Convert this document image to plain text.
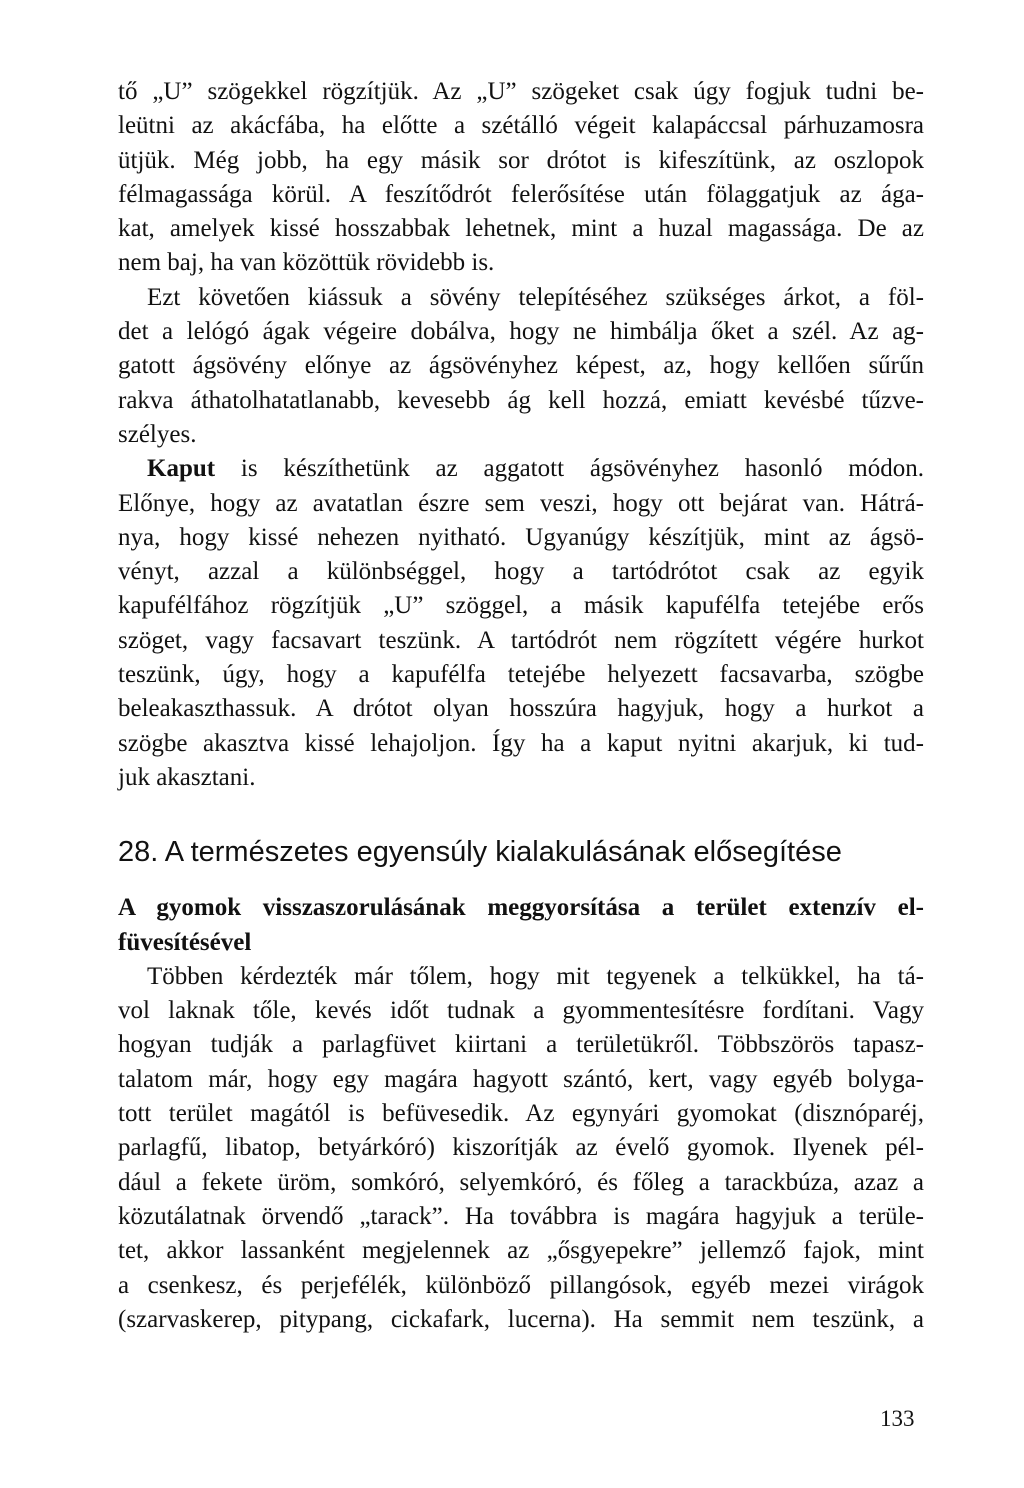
tő „U” szögekkel rögzítjük. Az „U” szögeket csak úgy fogjuk tudni be-
leütni az akácfába, ha előtte a szétálló végeit kalapáccsal párhuzamosra
ütjük. Még jobb, ha egy másik sor drótot is kifeszítünk, az oszlopok
félmagassága körül. A feszítődrót felerősítése után fölaggatjuk az ága-
kat, amelyek kissé hosszabbak lehetnek, mint a huzal magassága. De az
nem baj, ha van közöttük rövidebb is.
Ezt követően kiássuk a sövény telepítéséhez szükséges árkot, a föl-
det a lelógó ágak végeire dobálva, hogy ne himbálja őket a szél. Az ag-
gatott ágsövény előnye az ágsövényhez képest, az, hogy kellően sűrűn
rakva áthatolhatatlanabb, kevesebb ág kell hozzá, emiatt kevésbé tűzve-
szélyes.
Kaput is készíthetünk az aggatott ágsövényhez hasonló módon.
Előnye, hogy az avatatlan észre sem veszi, hogy ott bejárat van. Hátrá-
nya, hogy kissé nehezen nyitható. Ugyanúgy készítjük, mint az ágsö-
vényt, azzal a különbséggel, hogy a tartódrótot csak az egyik
kapufélfához rögzítjük „U” szöggel, a másik kapufélfa tetejébe erős
szöget, vagy facsavart teszünk. A tartódrót nem rögzített végére hurkot
teszünk, úgy, hogy a kapufélfa tetejébe helyezett facsavarba, szögbe
beleakaszthassuk. A drótot olyan hosszúra hagyjuk, hogy a hurkot a
szögbe akasztva kissé lehajoljon. Így ha a kaput nyitni akarjuk, ki tud-
juk akasztani.
28. A természetes egyensúly kialakulásának elősegítése
A gyomok visszaszorulásának meggyorsítása a terület extenzív el-
füvesítésével
Többen kérdezték már tőlem, hogy mit tegyenek a telkükkel, ha tá-
vol laknak tőle, kevés időt tudnak a gyommentesítésre fordítani. Vagy
hogyan tudják a parlagfüvet kiirtani a területükről. Többszörös tapasz-
talatom már, hogy egy magára hagyott szántó, kert, vagy egyéb bolyga-
tott terület magától is befüvesedik. Az egynyári gyomokat (disznóparéj,
parlagfű, libatop, betyárkóró) kiszorítják az évelő gyomok. Ilyenek pél-
dául a fekete üröm, somkóró, selyemkóró, és főleg a tarackbúza, azaz a
közutálatnak örvendő „tarack”. Ha továbbra is magára hagyjuk a terüle-
tet, akkor lassanként megjelennek az „ősgyepekre” jellemző fajok, mint
a csenkesz, és perjefélék, különböző pillangósok, egyéb mezei virágok
(szarvaskerep, pitypang, cickafark, lucerna). Ha semmit nem teszünk, a
133
